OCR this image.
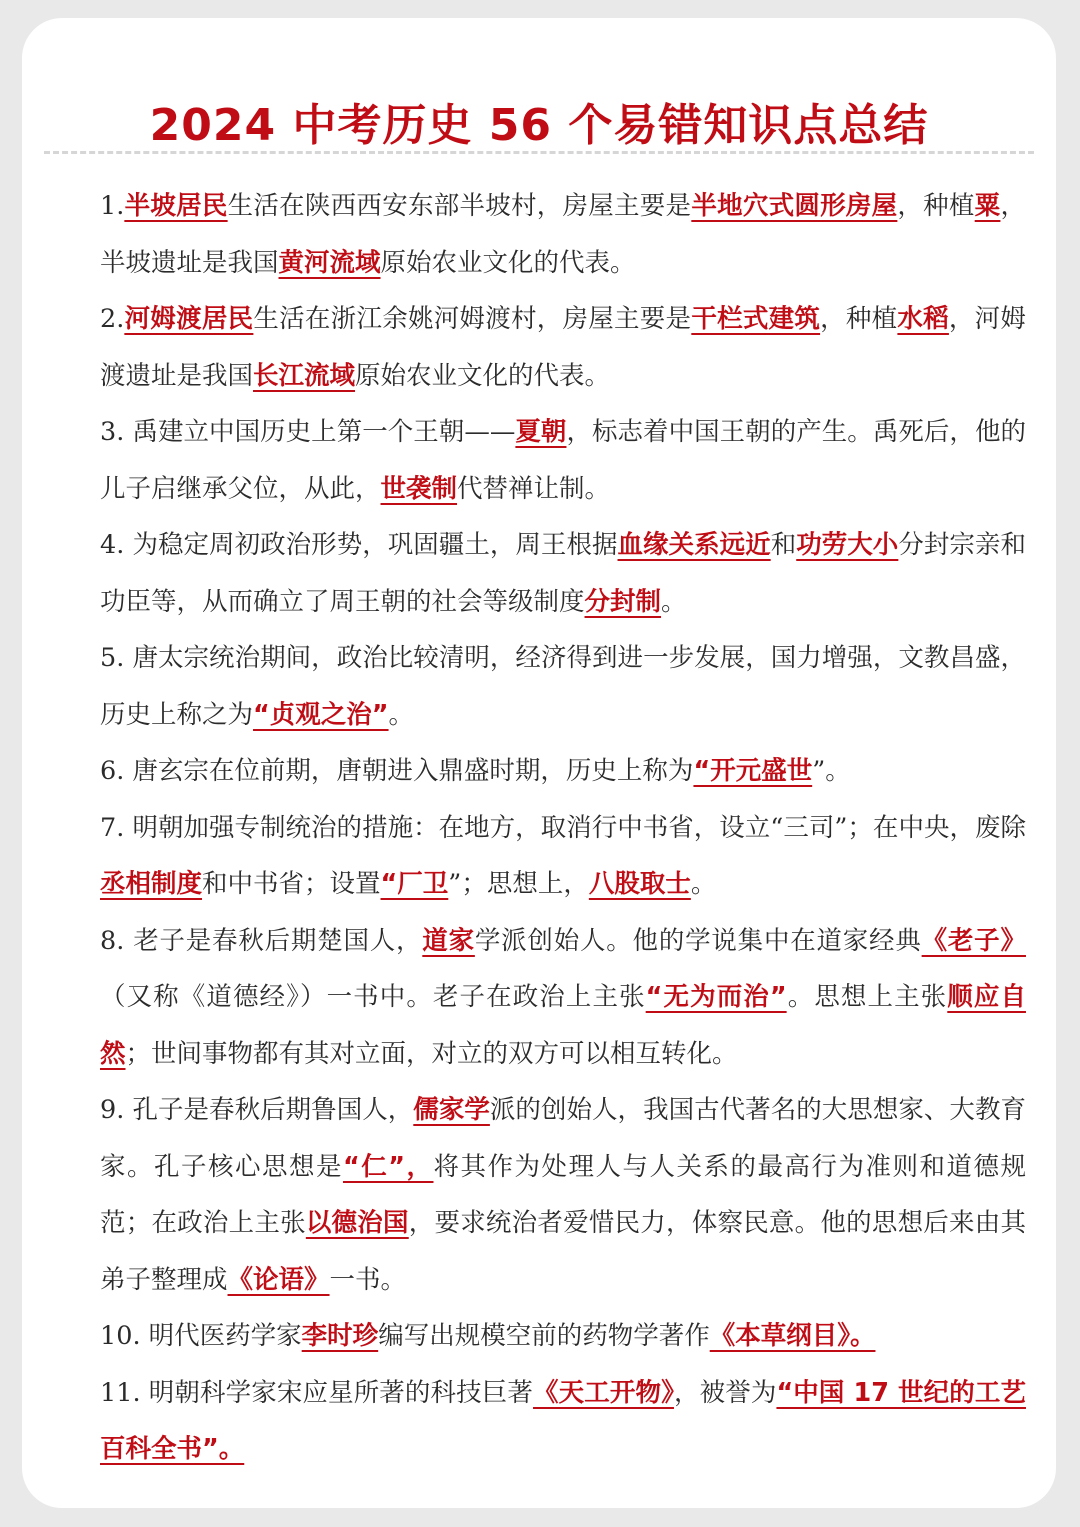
2024 中考历史 56 个易错知识点总结

1.半坡居民生活在陕西西安东部半坡村，房屋主要是半地穴式圆形房屋，种植粟，半坡遗址是我国黄河流域原始农业文化的代表。

2.河姆渡居民生活在浙江余姚河姆渡村，房屋主要是干栏式建筑，种植水稻，河姆渡遗址是我国长江流域原始农业文化的代表。

3. 禹建立中国历史上第一个王朝——夏朝，标志着中国王朝的产生。禹死后，他的儿子启继承父位，从此，世袭制代替禅让制。

4. 为稳定周初政治形势，巩固疆土，周王根据血缘关系远近和功劳大小分封宗亲和功臣等，从而确立了周王朝的社会等级制度分封制。

5. 唐太宗统治期间，政治比较清明，经济得到进一步发展，国力增强，文教昌盛，历史上称之为“贞观之治”。

6. 唐玄宗在位前期，唐朝进入鼎盛时期，历史上称为“开元盛世”。

7. 明朝加强专制统治的措施：在地方，取消行中书省，设立“三司”；在中央，废除丞相制度和中书省；设置“厂卫”；思想上，八股取士。

8. 老子是春秋后期楚国人，道家学派创始人。他的学说集中在道家经典《老子》（又称《道德经》）一书中。老子在政治上主张“无为而治”。思想上主张顺应自然；世间事物都有其对立面，对立的双方可以相互转化。

9. 孔子是春秋后期鲁国人，儒家学派的创始人，我国古代著名的大思想家、大教育家。孔子核心思想是“仁”，将其作为处理人与人关系的最高行为准则和道德规范；在政治上主张以德治国，要求统治者爱惜民力，体察民意。他的思想后来由其弟子整理成《论语》一书。

10. 明代医药学家李时珍编写出规模空前的药物学著作《本草纲目》。

11. 明朝科学家宋应星所著的科技巨著《天工开物》，被誉为“中国 17 世纪的工艺百科全书”。
